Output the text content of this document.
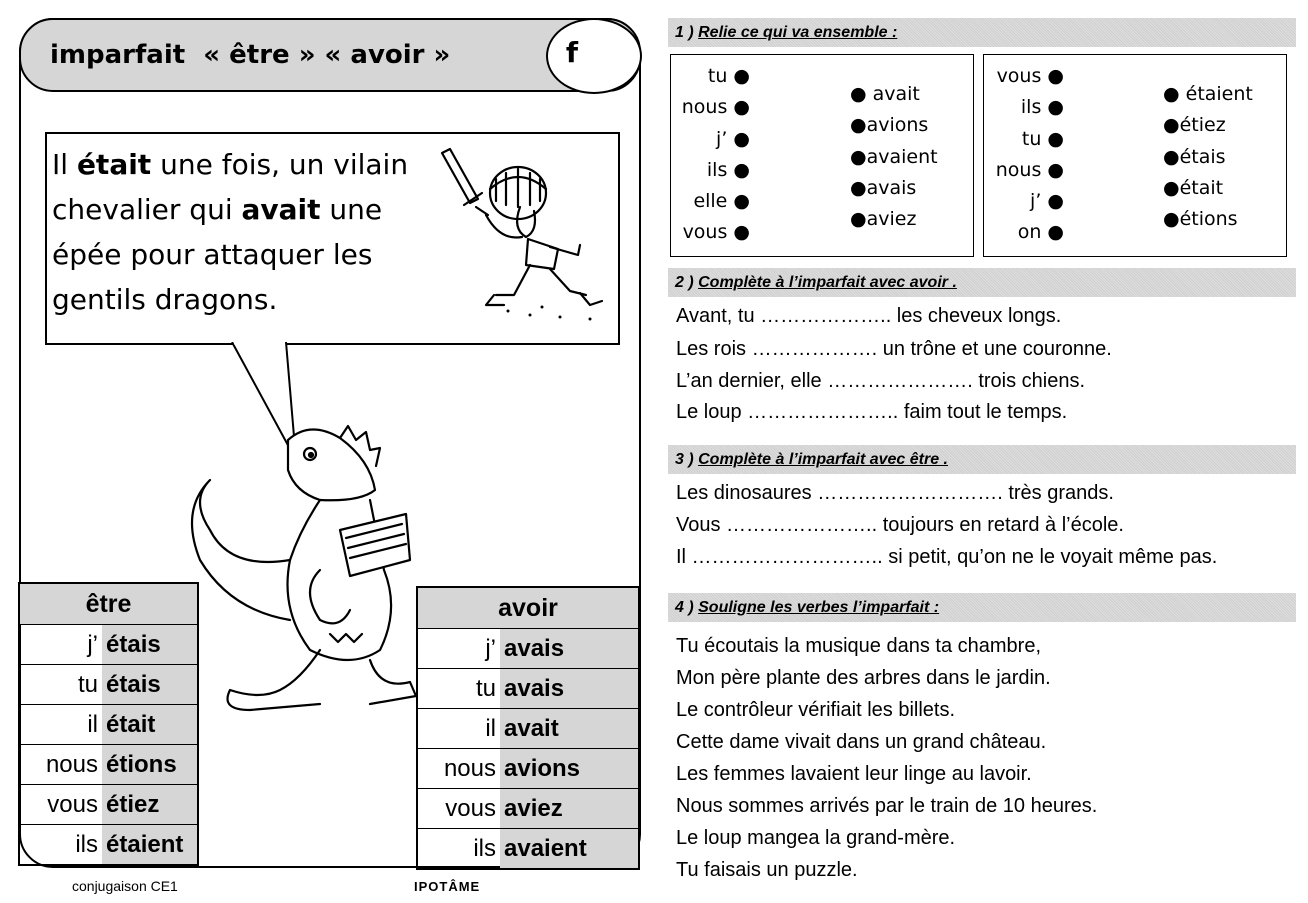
imparfait  « être » « avoir »	f
Il était une fois, un vilain chevalier qui avait une épée pour attaquer les gentils dragons.
être	
j’	étais
tu	étais
il	était
nous	étions
vous	étiez
ils	étaient
avoir	
j’	avais
tu	avais
il	avait
nous	avions
vous	aviez
ils	avaient
conjugaison CE1	IPOTÂME
1 ) Relie ce qui va ensemble :
tu ●
nous ●
j’ ●
ils ●
elle ●
vous ●
● avait
●avions
●avaient
●avais
●aviez
vous ●
ils ●
tu ●
nous ●
j’ ●
on ●
● étaient
●étiez
●étais
●était
●étions
2 ) Complète à l’imparfait avec avoir .
Avant, tu ……………….. les cheveux longs.
Les rois ………………. un trône et une couronne.
L’an dernier, elle …………………. trois chiens.
Le loup ………………….. faim tout le temps.
3 ) Complète à l’imparfait avec être .
Les dinosaures ………………………. très grands.
Vous ………………….. toujours en retard à l’école.
Il ……………………….. si petit, qu’on ne le voyait même pas.
4 ) Souligne les verbes l’imparfait :
Tu écoutais la musique dans ta chambre,
Mon père plante des arbres dans le jardin.
Le contrôleur vérifiait les billets.
Cette dame vivait dans un grand château.
Les femmes lavaient leur linge au lavoir.
Nous sommes arrivés par le train de 10 heures.
Le loup mangea la grand-mère.
Tu faisais un puzzle.
